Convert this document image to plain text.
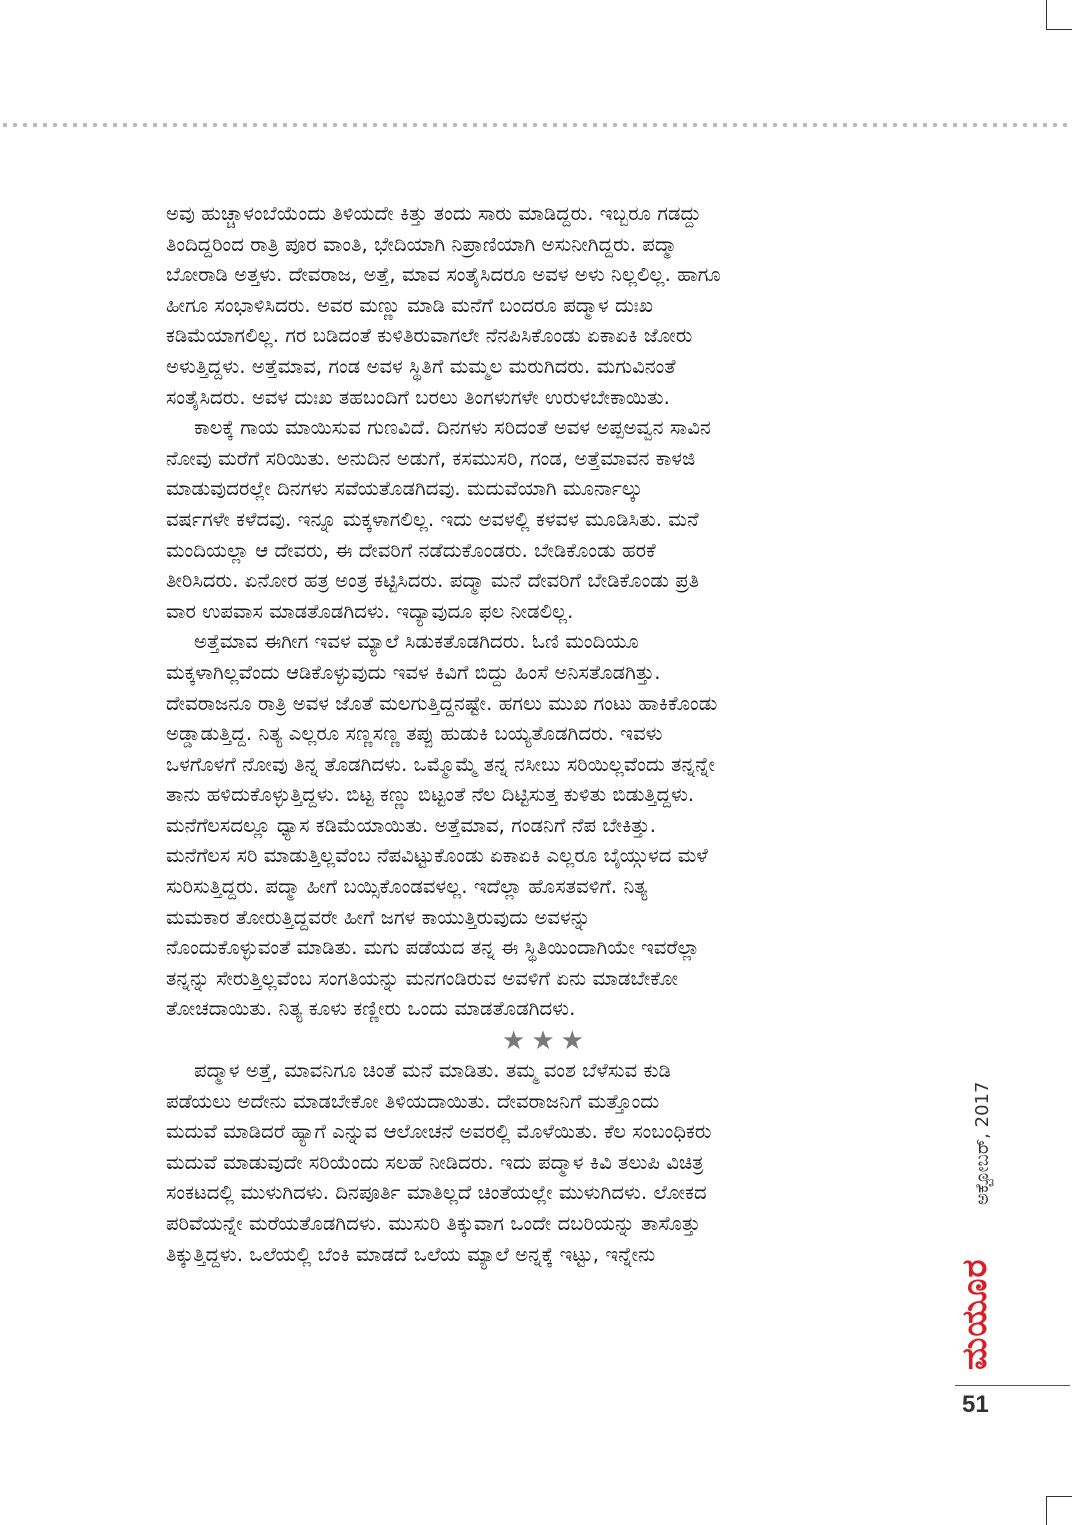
ಅವು ಹುಚ್ಚಾಳಂಬೆಯೆಂದು ತಿಳಿಯದೇ ಕಿತ್ತು ತಂದು ಸಾರು ಮಾಡಿದ್ದರು. ಇಬ್ಬರೂ ಗಡದ್ದು
ತಿಂದಿದ್ದರಿಂದ ರಾತ್ರಿ ಪೂರ ವಾಂತಿ, ಭೇದಿಯಾಗಿ ನಿಪ್ರಾಣಿಯಾಗಿ ಅಸುನೀಗಿದ್ದರು. ಪದ್ಮಾ
ಬೋರಾಡಿ ಅತ್ತಳು. ದೇವರಾಜ, ಅತ್ತೆ, ಮಾವ ಸಂತೈಸಿದರೂ ಅವಳ ಅಳು ನಿಲ್ಲಲಿಲ್ಲ. ಹಾಗೂ
ಹೀಗೂ ಸಂಭಾಳಿಸಿದರು. ಅವರ ಮಣ್ಣು ಮಾಡಿ ಮನೆಗೆ ಬಂದರೂ ಪದ್ಮಾಳ ದುಃಖ
ಕಡಿಮೆಯಾಗಲಿಲ್ಲ. ಗರ ಬಡಿದಂತೆ ಕುಳಿತಿರುವಾಗಲೇ ನೆನಪಿಸಿಕೊಂಡು ಏಕಾಏಕಿ ಜೋರು
ಅಳುತ್ತಿದ್ದಳು. ಅತ್ತೆಮಾವ, ಗಂಡ ಅವಳ ಸ್ಥಿತಿಗೆ ಮಮ್ಮಲ ಮರುಗಿದರು. ಮಗುವಿನಂತೆ
ಸಂತೈಸಿದರು. ಅವಳ ದುಃಖ ತಹಬಂದಿಗೆ ಬರಲು ತಿಂಗಳುಗಳೇ ಉರುಳಬೇಕಾಯಿತು.
ಕಾಲಕ್ಕೆ ಗಾಯ ಮಾಯಿಸುವ ಗುಣವಿದೆ. ದಿನಗಳು ಸರಿದಂತೆ ಅವಳ ಅಪ್ಪಅವ್ವನ ಸಾವಿನ
ನೋವು ಮರೆಗೆ ಸರಿಯಿತು. ಅನುದಿನ ಅಡುಗೆ, ಕಸಮುಸರಿ, ಗಂಡ, ಅತ್ತೆಮಾವನ ಕಾಳಜಿ
ಮಾಡುವುದರಲ್ಲೇ ದಿನಗಳು ಸವೆಯತೊಡಗಿದವು. ಮದುವೆಯಾಗಿ ಮೂರ್ನಾಲ್ಕು
ವರ್ಷಗಳೇ ಕಳೆದವು. ಇನ್ನೂ ಮಕ್ಕಳಾಗಲಿಲ್ಲ. ಇದು ಅವಳಲ್ಲಿ ಕಳವಳ ಮೂಡಿಸಿತು. ಮನೆ
ಮಂದಿಯಲ್ಲಾ ಆ ದೇವರು, ಈ ದೇವರಿಗೆ ನಡೆದುಕೊಂಡರು. ಬೇಡಿಕೊಂಡು ಹರಕೆ
ತೀರಿಸಿದರು. ಏನೋರ ಹತ್ರ ಅಂತ್ರ ಕಟ್ಟಿಸಿದರು. ಪದ್ಮಾ ಮನೆ ದೇವರಿಗೆ ಬೇಡಿಕೊಂಡು ಪ್ರತಿ
ವಾರ ಉಪವಾಸ ಮಾಡತೊಡಗಿದಳು. ಇದ್ಯಾವುದೂ ಫಲ ನೀಡಲಿಲ್ಲ.
ಅತ್ತೆಮಾವ ಈಗೀಗ ಇವಳ ಮ್ಯಾಲೆ ಸಿಡುಕತೊಡಗಿದರು. ಓಣಿ ಮಂದಿಯೂ
ಮಕ್ಕಳಾಗಿಲ್ಲವೆಂದು ಆಡಿಕೊಳ್ಳುವುದು ಇವಳ ಕಿವಿಗೆ ಬಿದ್ದು ಹಿಂಸೆ ಅನಿಸತೊಡಗಿತ್ತು.
ದೇವರಾಜನೂ ರಾತ್ರಿ ಅವಳ ಜೊತೆ ಮಲಗುತ್ತಿದ್ದನಷ್ಟೇ. ಹಗಲು ಮುಖ ಗಂಟು ಹಾಕಿಕೊಂಡು
ಅಡ್ಡಾಡುತ್ತಿದ್ದ. ನಿತ್ಯ ಎಲ್ಲರೂ ಸಣ್ಣಸಣ್ಣ ತಪ್ಪು ಹುಡುಕಿ ಬಯ್ಯತೊಡಗಿದರು. ಇವಳು
ಒಳಗೊಳಗೆ ನೋವು ತಿನ್ನ ತೊಡಗಿದಳು. ಒಮ್ಮೊಮ್ಮೆ ತನ್ನ ನಸೀಬು ಸರಿಯಿಲ್ಲವೆಂದು ತನ್ನನ್ನೇ
ತಾನು ಹಳಿದುಕೊಳ್ಳುತ್ತಿದ್ದಳು. ಬಿಟ್ಟ ಕಣ್ಣು ಬಿಟ್ಟಂತೆ ನೆಲ ದಿಟ್ಟಿಸುತ್ತ ಕುಳಿತು ಬಿಡುತ್ತಿದ್ದಳು.
ಮನೆಗೆಲಸದಲ್ಲೂ ಧ್ಯಾಸ ಕಡಿಮೆಯಾಯಿತು. ಅತ್ತೆಮಾವ, ಗಂಡನಿಗೆ ನೆಪ ಬೇಕಿತ್ತು.
ಮನೆಗೆಲಸ ಸರಿ ಮಾಡುತ್ತಿಲ್ಲವೆಂಬ ನೆಪವಿಟ್ಟುಕೊಂಡು ಏಕಾಏಕಿ ಎಲ್ಲರೂ ಬೈಯ್ಗುಳದ ಮಳೆ
ಸುರಿಸುತ್ತಿದ್ದರು. ಪದ್ಮಾ ಹೀಗೆ ಬಯ್ಸಿಕೊಂಡವಳಲ್ಲ. ಇದೆಲ್ಲಾ ಹೊಸತವಳಿಗೆ. ನಿತ್ಯ
ಮಮಕಾರ ತೋರುತ್ತಿದ್ದವರೇ ಹೀಗೆ ಜಗಳ ಕಾಯುತ್ತಿರುವುದು ಅವಳನ್ನು
ನೊಂದುಕೊಳ್ಳುವಂತೆ ಮಾಡಿತು. ಮಗು ಪಡೆಯದ ತನ್ನ ಈ ಸ್ಥಿತಿಯಿಂದಾಗಿಯೇ ಇವರೆಲ್ಲಾ
ತನ್ನನ್ನು ಸೇರುತ್ತಿಲ್ಲವೆಂಬ ಸಂಗತಿಯನ್ನು ಮನಗಂಡಿರುವ ಅವಳಿಗೆ ಏನು ಮಾಡಬೇಕೋ
ತೋಚದಾಯಿತು. ನಿತ್ಯ ಕೂಳು ಕಣ್ಣೀರು ಒಂದು ಮಾಡತೊಡಗಿದಳು.
★★★
ಪದ್ಮಾಳ ಅತ್ತೆ, ಮಾವನಿಗೂ ಚಿಂತೆ ಮನೆ ಮಾಡಿತು. ತಮ್ಮ ವಂಶ ಬೆಳೆಸುವ ಕುಡಿ
ಪಡೆಯಲು ಅದೇನು ಮಾಡಬೇಕೋ ತಿಳಿಯದಾಯಿತು. ದೇವರಾಜನಿಗೆ ಮತ್ತೊಂದು
ಮದುವೆ ಮಾಡಿದರೆ ಹ್ಯಾಗೆ ಎನ್ನುವ ಆಲೋಚನೆ ಅವರಲ್ಲಿ ಮೊಳೆಯಿತು. ಕೆಲ ಸಂಬಂಧಿಕರು
ಮದುವೆ ಮಾಡುವುದೇ ಸರಿಯೆಂದು ಸಲಹೆ ನೀಡಿದರು. ಇದು ಪದ್ಮಾಳ ಕಿವಿ ತಲುಪಿ ವಿಚಿತ್ರ
ಸಂಕಟದಲ್ಲಿ ಮುಳುಗಿದಳು. ದಿನಪೂರ್ತಿ ಮಾತಿಲ್ಲದೆ ಚಿಂತೆಯಲ್ಲೇ ಮುಳುಗಿದಳು. ಲೋಕದ
ಪರಿವೆಯನ್ನೇ ಮರೆಯತೊಡಗಿದಳು. ಮುಸುರಿ ತಿಕ್ಕುವಾಗ ಒಂದೇ ದಬರಿಯನ್ನು ತಾಸೊತ್ತು
ತಿಕ್ಕುತ್ತಿದ್ದಳು. ಒಲೆಯಲ್ಲಿ ಬೆಂಕಿ ಮಾಡದೆ ಒಲೆಯ ಮ್ಯಾಲೆ ಅನ್ನಕ್ಕೆ ಇಟ್ಟು, ಇನ್ನೇನು
ಅಕ್ಟೋಬರ್, 2017
ಮಯೂರ
51
